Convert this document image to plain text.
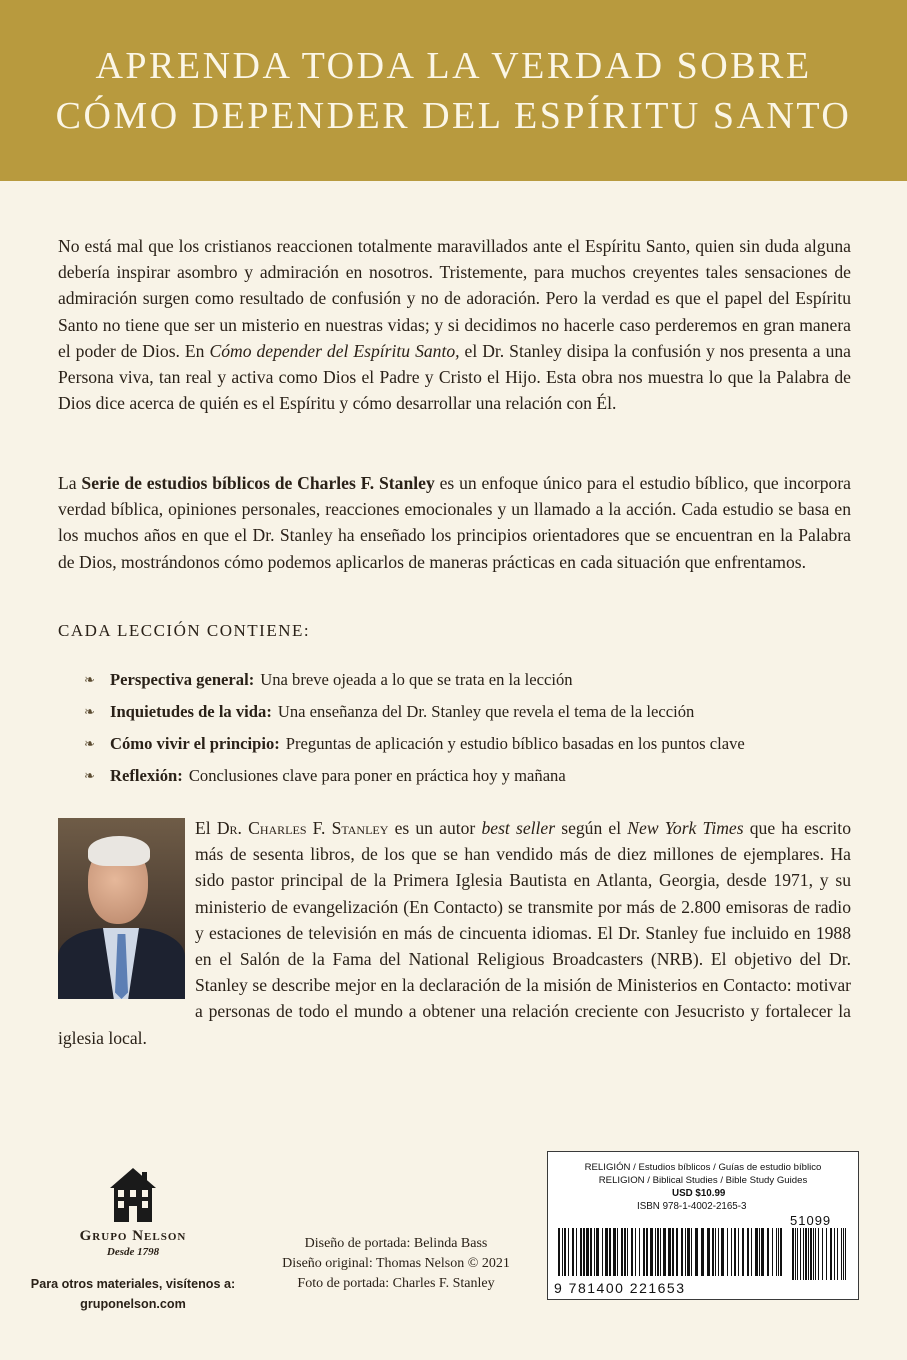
APRENDA TODA LA VERDAD SOBRE
CÓMO DEPENDER DEL ESPÍRITU SANTO

No está mal que los cristianos reaccionen totalmente maravillados ante el Espíritu Santo, quien sin duda alguna debería inspirar asombro y admiración en nosotros. Tristemente, para muchos creyentes tales sensaciones de admiración surgen como resultado de confusión y no de adoración. Pero la verdad es que el papel del Espíritu Santo no tiene que ser un misterio en nuestras vidas; y si decidimos no hacerle caso perderemos en gran manera el poder de Dios. En Cómo depender del Espíritu Santo, el Dr. Stanley disipa la confusión y nos presenta a una Persona viva, tan real y activa como Dios el Padre y Cristo el Hijo. Esta obra nos muestra lo que la Palabra de Dios dice acerca de quién es el Espíritu y cómo desarrollar una relación con Él.

La Serie de estudios bíblicos de Charles F. Stanley es un enfoque único para el estudio bíblico, que incorpora verdad bíblica, opiniones personales, reacciones emocionales y un llamado a la acción. Cada estudio se basa en los muchos años en que el Dr. Stanley ha enseñado los principios orientadores que se encuentran en la Palabra de Dios, mostrándonos cómo podemos aplicarlos de maneras prácticas en cada situación que enfrentamos.

CADA LECCIÓN CONTIENE:

❧ Perspectiva general : Una breve ojeada a lo que se trata en la lección
❧ Inquietudes de la vida : Una enseñanza del Dr. Stanley que revela el tema de la lección
❧ Cómo vivir el principio : Preguntas de aplicación y estudio bíblico basadas en los puntos clave
❧ Reflexión : Conclusiones clave para poner en práctica hoy y mañana

El Dr. Charles F. Stanley es un autor best seller según el New York Times que ha escrito más de sesenta libros, de los que se han vendido más de diez millones de ejemplares. Ha sido pastor principal de la Primera Iglesia Bautista en Atlanta, Georgia, desde 1971, y su ministerio de evangelización (En Contacto) se transmite por más de 2.800 emisoras de radio y estaciones de televisión en más de cincuenta idiomas. El Dr. Stanley fue incluido en 1988 en el Salón de la Fama del National Religious Broadcasters (NRB). El objetivo del Dr. Stanley se describe mejor en la declaración de la misión de Ministerios en Contacto: motivar a personas de todo el mundo a obtener una relación creciente con Jesucristo y fortalecer la iglesia local.

Grupo Nelson
Desde 1798
Para otros materiales, visítenos a:
gruponelson.com
Diseño de portada: Belinda Bass
Diseño original: Thomas Nelson © 2021
Foto de portada: Charles F. Stanley
RELIGIÓN / Estudios bíblicos / Guías de estudio bíblico
RELIGION / Biblical Studies / Bible Study Guides
USD $10.99
ISBN 978-1-4002-2165-3
51099
9 781400 221653
